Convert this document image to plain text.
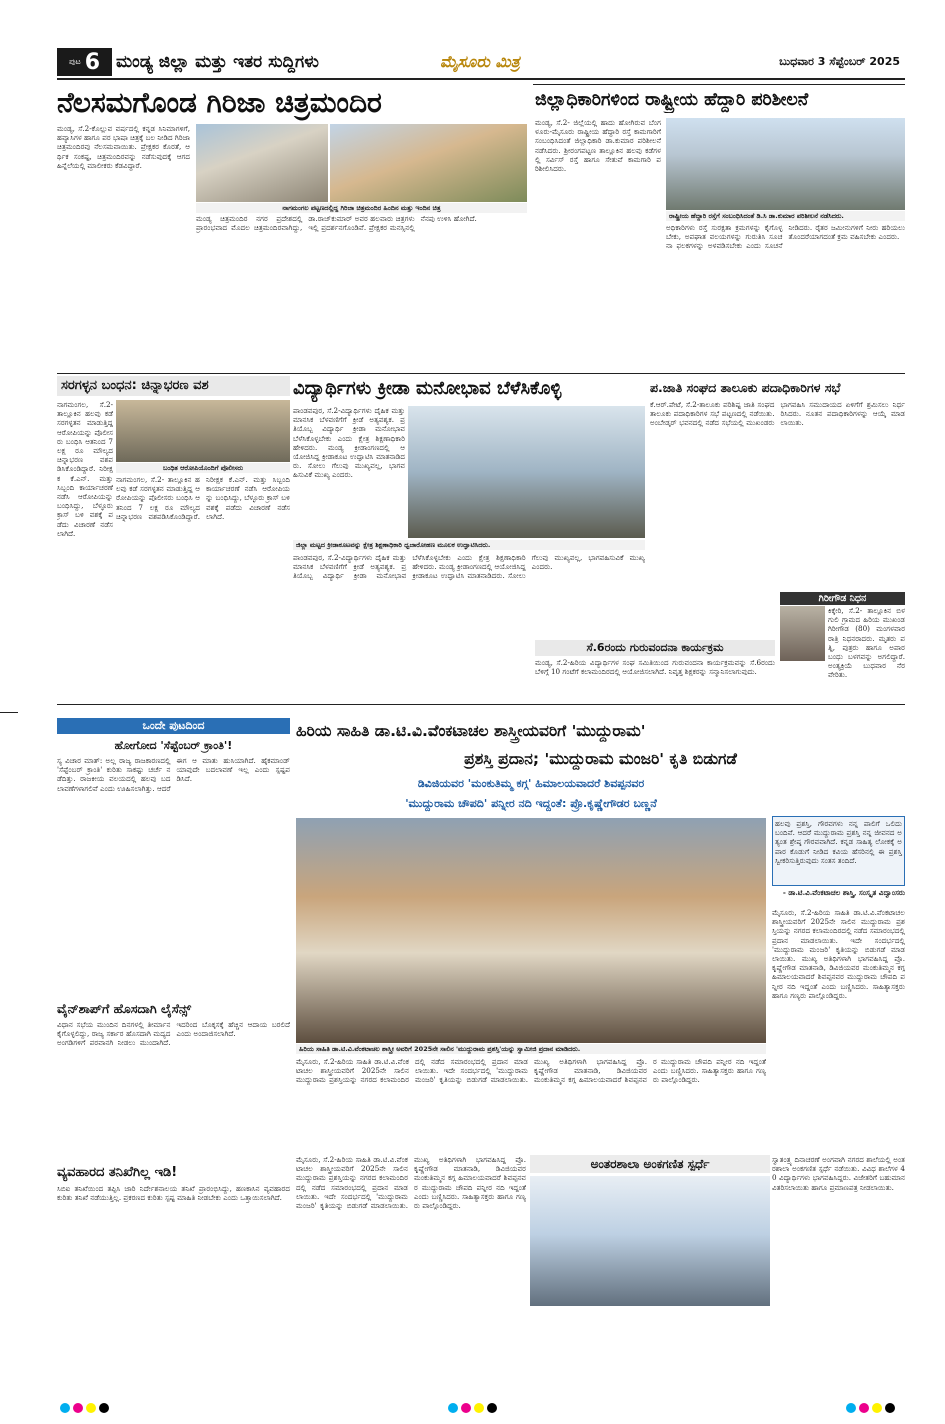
ಪುಟ 6 ಮಂಡ್ಯ ಜಿಲ್ಲಾ ಮತ್ತು ಇತರ ಸುದ್ದಿಗಳು	ಮೈಸೂರು ಮಿತ್ರ	ಬುಧವಾರ 3 ಸೆಪ್ಟೆಂಬರ್ 2025
ನೆಲಸಮಗೊಂಡ ಗಿರಿಜಾ ಚಿತ್ರಮಂದಿರ
ಮಂಡ್ಯ, ಸೆ.2-ಕೊಲ್ಲುವ ವರ್ಷದಲ್ಲಿ ಕನ್ನಡ ಸಿನಿಮಾಗಳಿಗೆ, ಹವ್ಯಾಸಿಗಳ ಹಾಗೂ ಪರ ಭಾಷಾ ಚಿತ್ರಕ್ಕೆ ಬಲ ನೀಡಿದ ಗಿರಿಜಾ ಚಿತ್ರಮಂದಿರವು ನೆಲಸಮವಾಯಿತು. ಪ್ರೇಕ್ಷಕರ ಕೊರತೆ, ಆರ್ಥಿಕ ಸಂಕಷ್ಟ, ಚಿತ್ರಮಂದಿರವನ್ನು ನಡೆಸುವುದಕ್ಕೆ ಆಗದ ಹಿನ್ನೆಲೆಯಲ್ಲಿ ಮಾಲೀಕರು ಕೆಡವಿದ್ದಾರೆ.
ನಾಗಮಂಗಲ ಪಟ್ಟಣದಲ್ಲಿದ್ದ ಗಿರಿಜಾ ಚಿತ್ರಮಂದಿರ ಹಿಂದಿನ ಮತ್ತು ಇಂದಿನ ಚಿತ್ರ
ಮಂಡ್ಯ ಚಿತ್ರಮಂದಿರ ನಗರ ಪ್ರದೇಶದಲ್ಲಿ ಪ್ರಾರಂಭವಾದ ಮೊದಲ ಚಿತ್ರಮಂದಿರವಾಗಿದ್ದು, ಡಾ.ರಾಜ್‌ಕುಮಾರ್ ಅವರ ಹಲವಾರು ಚಿತ್ರಗಳು ಇಲ್ಲಿ ಪ್ರದರ್ಶನಗೊಂಡಿವೆ. ಪ್ರೇಕ್ಷಕರ ಮನಸ್ಸಿನಲ್ಲಿ ನೆನಪು ಉಳಿಸಿ ಹೋಗಿದೆ.
ಜಿಲ್ಲಾಧಿಕಾರಿಗಳಿಂದ ರಾಷ್ಟ್ರೀಯ ಹೆದ್ದಾರಿ ಪರಿಶೀಲನೆ
ಮಂಡ್ಯ, ಸೆ.2- ಜಿಲ್ಲೆಯಲ್ಲಿ ಹಾದು ಹೋಗಿರುವ ಬೆಂಗಳೂರು-ಮೈಸೂರು ರಾಷ್ಟ್ರೀಯ ಹೆದ್ದಾರಿ ರಸ್ತೆ ಕಾಮಗಾರಿಗೆ ಸಂಬಂಧಿಸಿದಂತೆ ಜಿಲ್ಲಾಧಿಕಾರಿ ಡಾ.ಕುಮಾರ ಪರಿಶೀಲನೆ ನಡೆಸಿದರು. ಶ್ರೀರಂಗಪಟ್ಟಣ ತಾಲ್ಲೂಕಿನ ಹಲವು ಕಡೆಗಳಲ್ಲಿ ಸರ್ವಿಸ್ ರಸ್ತೆ ಹಾಗೂ ಸೇತುವೆ ಕಾಮಗಾರಿ ಪರಿಶೀಲಿಸಿದರು.
ರಾಷ್ಟ್ರೀಯ ಹೆದ್ದಾರಿ ರಸ್ತೆಗೆ ಸಂಬಂಧಿಸಿದಂತೆ ಡಿ.ಸಿ ಡಾ.ಕುಮಾರ ಪರಿಶೀಲನೆ ನಡೆಸಿದರು.
ಅಧಿಕಾರಿಗಳು ರಸ್ತೆ ಸುರಕ್ಷತಾ ಕ್ರಮಗಳನ್ನು ಕೈಗೊಳ್ಳಬೇಕು, ಅಪಘಾತ ವಲಯಗಳನ್ನು ಗುರುತಿಸಿ ಸೂಚನಾ ಫಲಕಗಳನ್ನು ಅಳವಡಿಸಬೇಕು ಎಂದು ಸೂಚನೆ ನೀಡಿದರು. ರೈತರ ಜಮೀನುಗಳಿಗೆ ನೀರು ಹರಿಯಲು ತೊಂದರೆಯಾಗದಂತೆ ಕ್ರಮ ವಹಿಸಬೇಕು ಎಂದರು.
ಸರಗಳ್ಳನ ಬಂಧನ: ಚಿನ್ನಾಭರಣ ವಶ
ನಾಗಮಂಗಲ, ಸೆ.2- ತಾಲ್ಲೂಕಿನ ಹಲವು ಕಡೆ ಸರಗಳ್ಳತನ ಮಾಡುತ್ತಿದ್ದ ಆರೋಪಿಯನ್ನು ಪೊಲೀಸರು ಬಂಧಿಸಿ ಆತನಿಂದ 7 ಲಕ್ಷ ರೂ ಮೌಲ್ಯದ ಚಿನ್ನಾಭರಣ ವಶಪಡಿಸಿಕೊಂಡಿದ್ದಾರೆ. ನಿರೀಕ್ಷಕ ಕೆ.ಎನ್. ಮತ್ತು ಸಿಬ್ಬಂದಿ ಕಾರ್ಯಾಚರಣೆ ನಡೆಸಿ ಆರೋಪಿಯನ್ನು ಬಂಧಿಸಿದ್ದು, ಬೆಳ್ಳೂರು ಕ್ರಾಸ್ ಬಳಿ ವಶಕ್ಕೆ ಪಡೆದು ವಿಚಾರಣೆ ನಡೆಸಲಾಗಿದೆ.
ಬಂಧಿತ ಆರೋಪಿಯೊಂದಿಗೆ ಪೊಲೀಸರು
ನಾಗಮಂಗಲ, ಸೆ.2- ತಾಲ್ಲೂಕಿನ ಹಲವು ಕಡೆ ಸರಗಳ್ಳತನ ಮಾಡುತ್ತಿದ್ದ ಆರೋಪಿಯನ್ನು ಪೊಲೀಸರು ಬಂಧಿಸಿ ಆತನಿಂದ 7 ಲಕ್ಷ ರೂ ಮೌಲ್ಯದ ಚಿನ್ನಾಭರಣ ವಶಪಡಿಸಿಕೊಂಡಿದ್ದಾರೆ. ನಿರೀಕ್ಷಕ ಕೆ.ಎನ್. ಮತ್ತು ಸಿಬ್ಬಂದಿ ಕಾರ್ಯಾಚರಣೆ ನಡೆಸಿ ಆರೋಪಿಯನ್ನು ಬಂಧಿಸಿದ್ದು, ಬೆಳ್ಳೂರು ಕ್ರಾಸ್ ಬಳಿ ವಶಕ್ಕೆ ಪಡೆದು ವಿಚಾರಣೆ ನಡೆಸಲಾಗಿದೆ.
ವಿದ್ಯಾರ್ಥಿಗಳು ಕ್ರೀಡಾ ಮನೋಭಾವ ಬೆಳೆಸಿಕೊಳ್ಳಿ
ಪಾಂಡವಪುರ, ಸೆ.2-ವಿದ್ಯಾರ್ಥಿಗಳು ದೈಹಿಕ ಮತ್ತು ಮಾನಸಿಕ ಬೆಳವಣಿಗೆಗೆ ಕ್ರೀಡೆ ಅತ್ಯವಶ್ಯಕ. ಪ್ರತಿಯೊಬ್ಬ ವಿದ್ಯಾರ್ಥಿ ಕ್ರೀಡಾ ಮನೋಭಾವ ಬೆಳೆಸಿಕೊಳ್ಳಬೇಕು ಎಂದು ಕ್ಷೇತ್ರ ಶಿಕ್ಷಣಾಧಿಕಾರಿ ಹೇಳಿದರು. ಮಂಡ್ಯ ಕ್ರೀಡಾಂಗಣದಲ್ಲಿ ಆಯೋಜಿಸಿದ್ದ ಕ್ರೀಡಾಕೂಟ ಉದ್ಘಾಟಿಸಿ ಮಾತನಾಡಿದರು. ಸೋಲು ಗೆಲುವು ಮುಖ್ಯವಲ್ಲ, ಭಾಗವಹಿಸುವಿಕೆ ಮುಖ್ಯ ಎಂದರು.
ಜಿಲ್ಲಾ ಮಟ್ಟದ ಕ್ರೀಡಾಕೂಟವನ್ನು ಕ್ಷೇತ್ರ ಶಿಕ್ಷಣಾಧಿಕಾರಿ ಧ್ವಜಾರೋಹಣ ಮೂಲಕ ಉದ್ಘಾಟಿಸಿದರು.
ಪಾಂಡವಪುರ, ಸೆ.2-ವಿದ್ಯಾರ್ಥಿಗಳು ದೈಹಿಕ ಮತ್ತು ಮಾನಸಿಕ ಬೆಳವಣಿಗೆಗೆ ಕ್ರೀಡೆ ಅತ್ಯವಶ್ಯಕ. ಪ್ರತಿಯೊಬ್ಬ ವಿದ್ಯಾರ್ಥಿ ಕ್ರೀಡಾ ಮನೋಭಾವ ಬೆಳೆಸಿಕೊಳ್ಳಬೇಕು ಎಂದು ಕ್ಷೇತ್ರ ಶಿಕ್ಷಣಾಧಿಕಾರಿ ಹೇಳಿದರು. ಮಂಡ್ಯ ಕ್ರೀಡಾಂಗಣದಲ್ಲಿ ಆಯೋಜಿಸಿದ್ದ ಕ್ರೀಡಾಕೂಟ ಉದ್ಘಾಟಿಸಿ ಮಾತನಾಡಿದರು. ಸೋಲು ಗೆಲುವು ಮುಖ್ಯವಲ್ಲ, ಭಾಗವಹಿಸುವಿಕೆ ಮುಖ್ಯ ಎಂದರು.
ಪ.ಜಾತಿ ಸಂಘದ ತಾಲೂಕು ಪದಾಧಿಕಾರಿಗಳ ಸಭೆ
ಕೆ.ಆರ್.ಪೇಟೆ, ಸೆ.2-ತಾಲೂಕು ಪರಿಶಿಷ್ಟ ಜಾತಿ ಸಂಘದ ತಾಲೂಕು ಪದಾಧಿಕಾರಿಗಳ ಸಭೆ ಪಟ್ಟಣದಲ್ಲಿ ನಡೆಯಿತು. ಅಂಬೇಡ್ಕರ್ ಭವನದಲ್ಲಿ ನಡೆದ ಸಭೆಯಲ್ಲಿ ಮುಖಂಡರು ಭಾಗವಹಿಸಿ ಸಮುದಾಯದ ಏಳಿಗೆಗೆ ಶ್ರಮಿಸಲು ನಿರ್ಧರಿಸಿದರು. ನೂತನ ಪದಾಧಿಕಾರಿಗಳನ್ನು ಆಯ್ಕೆ ಮಾಡಲಾಯಿತು.
ಗಿರೀಗೌಡ ನಿಧನ
ಕಿಕ್ಕೇರಿ, ಸೆ.2- ತಾಲ್ಲೂಕಿನ ಬಿಳಗುಲಿ ಗ್ರಾಮದ ಹಿರಿಯ ಮುಖಂಡ ಗಿರೀಗೌಡ (80) ಮಂಗಳವಾರ ರಾತ್ರಿ ನಿಧನರಾದರು. ಮೃತರು ಪತ್ನಿ, ಪುತ್ರರು ಹಾಗೂ ಅಪಾರ ಬಂಧು ಬಳಗವನ್ನು ಅಗಲಿದ್ದಾರೆ. ಅಂತ್ಯಕ್ರಿಯೆ ಬುಧವಾರ ನೆರವೇರಿತು.
ಸೆ.6ರಂದು ಗುರುವಂದನಾ ಕಾರ್ಯಕ್ರಮ
ಮಂಡ್ಯ, ಸೆ.2-ಹಿರಿಯ ವಿದ್ಯಾರ್ಥಿಗಳ ಸಂಘ ಸಮಿತಿಯಿಂದ ಗುರುವಂದನಾ ಕಾರ್ಯಕ್ರಮವನ್ನು ಸೆ.6ರಂದು ಬೆಳಿಗ್ಗೆ 10 ಗಂಟೆಗೆ ಕಲಾಮಂದಿರದಲ್ಲಿ ಆಯೋಜಿಸಲಾಗಿದೆ. ನಿವೃತ್ತ ಶಿಕ್ಷಕರನ್ನು ಸನ್ಮಾನಿಸಲಾಗುವುದು.
ಒಂದೇ ಪುಟದಿಂದ
ಹೋಗೋದ 'ಸೆಪ್ಟೆಂಬರ್ ಕ್ರಾಂತಿ'!
ಸ್ಯ ವಿಚಾರ ಮಾತ್: ಅಲ್ಲ ರಾಜ್ಯ ರಾಜಕಾರಣದಲ್ಲಿ 'ಸೆಪ್ಟೆಂಬರ್ ಕ್ರಾಂತಿ' ಕುರಿತು ಸಾಕಷ್ಟು ಚರ್ಚೆ ನಡೆದಿತ್ತು. ರಾಜಕೀಯ ವಲಯದಲ್ಲಿ ಹಲವು ಬದಲಾವಣೆಗಳಾಗಲಿವೆ ಎಂದು ಊಹಿಸಲಾಗಿತ್ತು. ಆದರೆ ಈಗ ಆ ಮಾತು ಹುಸಿಯಾಗಿದೆ. ಹೈಕಮಾಂಡ್ ಯಾವುದೇ ಬದಲಾವಣೆ ಇಲ್ಲ ಎಂದು ಸ್ಪಷ್ಟಪಡಿಸಿದೆ.
ವೈನ್‌ಶಾಪ್‌ಗೆ ಹೊಸದಾಗಿ ಲೈಸೆನ್ಸ್
ವಿಧಾನ ಸಭೆಯ ಮುಂದಿನ ದಿನಗಳಲ್ಲಿ ತೀರ್ಮಾನ ಕೈಗೊಳ್ಳಲಿದ್ದು, ರಾಜ್ಯ ಸರ್ಕಾರ ಹೊಸದಾಗಿ ಮದ್ಯದ ಅಂಗಡಿಗಳಿಗೆ ಪರವಾನಗಿ ನೀಡಲು ಮುಂದಾಗಿದೆ. ಇದರಿಂದ ಬೊಕ್ಕಸಕ್ಕೆ ಹೆಚ್ಚಿನ ಆದಾಯ ಬರಲಿದೆ ಎಂದು ಅಂದಾಜಿಸಲಾಗಿದೆ.
ವ್ಯವಹಾರದ ತನಿಖೆಗಿಲ್ಲ ಇಡಿ!
ಸಿಬಿಐ ತನಿಖೆಯಿಂದ ತಪ್ಪಿಸಿ ಜಾರಿ ನಿರ್ದೇಶನಾಲಯ ತನಿಖೆ ಪ್ರಾರಂಭಿಸಿದ್ದು, ಹಣಕಾಸಿನ ವ್ಯವಹಾರದ ಕುರಿತು ತನಿಖೆ ನಡೆಯುತ್ತಿಲ್ಲ. ಪ್ರಕರಣದ ಕುರಿತು ಸ್ಪಷ್ಟ ಮಾಹಿತಿ ನೀಡಬೇಕು ಎಂದು ಒತ್ತಾಯಿಸಲಾಗಿದೆ.
ಹಿರಿಯ ಸಾಹಿತಿ ಡಾ.ಟಿ.ವಿ.ವೆಂಕಟಾಚಲ ಶಾಸ್ತ್ರೀಯವರಿಗೆ 'ಮುದ್ದುರಾಮ'
ಪ್ರಶಸ್ತಿ ಪ್ರದಾನ; 'ಮುದ್ದುರಾಮ ಮಂಜರಿ' ಕೃತಿ ಬಿಡುಗಡೆ
ಡಿವಿಜಿಯವರ 'ಮಂಕುತಿಮ್ಮ ಕಗ್ಗ' ಹಿಮಾಲಯವಾದರೆ ಶಿವಪ್ಪನವರ
'ಮುದ್ದುರಾಮ ಚೌಪದಿ' ಪನ್ನೀರ ನದಿ ಇದ್ದಂತೆ: ಪ್ರೊ.ಕೃಷ್ಣೇಗೌಡರ ಬಣ್ಣನೆ
ಹಲವು ಪ್ರಶಸ್ತಿ, ಗೌರವಗಳು ನನ್ನ ಪಾಲಿಗೆ ಒಲಿದು ಬಂದಿವೆ. ಆದರೆ ಮುದ್ದುರಾಮ ಪ್ರಶಸ್ತಿ ನನ್ನ ಜೀವನದ ಅತ್ಯಂತ ಶ್ರೇಷ್ಠ ಗೌರವವಾಗಿದೆ. ಕನ್ನಡ ಸಾಹಿತ್ಯ ಲೋಕಕ್ಕೆ ಅಪಾರ ಕೊಡುಗೆ ನೀಡಿದ ಕವಿಯ ಹೆಸರಿನಲ್ಲಿ ಈ ಪ್ರಶಸ್ತಿ ಸ್ವೀಕರಿಸುತ್ತಿರುವುದು ಸಂತಸ ತಂದಿದೆ.
- ಡಾ.ಟಿ.ವಿ.ವೆಂಕಟಾಚಲ ಶಾಸ್ತ್ರಿ, ಸಂಸ್ಕೃತ ವಿದ್ವಾಂಸರು
ಹಿರಿಯ ಸಾಹಿತಿ ಡಾ.ಟಿ.ವಿ.ವೆಂಕಟಾಚಲ ಶಾಸ್ತ್ರೀ ಅವರಿಗೆ 2025ನೇ ಸಾಲಿನ 'ಮುದ್ದುರಾಮ ಪ್ರಶಸ್ತಿ'ಯನ್ನು ಸ್ವಾಮೀಜಿ ಪ್ರದಾನ ಮಾಡಿದರು.
ಮೈಸೂರು, ಸೆ.2-ಹಿರಿಯ ಸಾಹಿತಿ ಡಾ.ಟಿ.ವಿ.ವೆಂಕಟಾಚಲ ಶಾಸ್ತ್ರೀಯವರಿಗೆ 2025ನೇ ಸಾಲಿನ ಮುದ್ದುರಾಮ ಪ್ರಶಸ್ತಿಯನ್ನು ನಗರದ ಕಲಾಮಂದಿರದಲ್ಲಿ ನಡೆದ ಸಮಾರಂಭದಲ್ಲಿ ಪ್ರದಾನ ಮಾಡಲಾಯಿತು. ಇದೇ ಸಂದರ್ಭದಲ್ಲಿ 'ಮುದ್ದುರಾಮ ಮಂಜರಿ' ಕೃತಿಯನ್ನು ಬಿಡುಗಡೆ ಮಾಡಲಾಯಿತು. ಮುಖ್ಯ ಅತಿಥಿಗಳಾಗಿ ಭಾಗವಹಿಸಿದ್ದ ಪ್ರೊ.ಕೃಷ್ಣೇಗೌಡ ಮಾತನಾಡಿ, ಡಿವಿಜಿಯವರ ಮಂಕುತಿಮ್ಮನ ಕಗ್ಗ ಹಿಮಾಲಯವಾದರೆ ಶಿವಪ್ಪನವರ ಮುದ್ದುರಾಮ ಚೌಪದಿ ಪನ್ನೀರ ನದಿ ಇದ್ದಂತೆ ಎಂದು ಬಣ್ಣಿಸಿದರು. ಸಾಹಿತ್ಯಾಸಕ್ತರು ಹಾಗೂ ಗಣ್ಯರು ಪಾಲ್ಗೊಂಡಿದ್ದರು.
ಮೈಸೂರು, ಸೆ.2-ಹಿರಿಯ ಸಾಹಿತಿ ಡಾ.ಟಿ.ವಿ.ವೆಂಕಟಾಚಲ ಶಾಸ್ತ್ರೀಯವರಿಗೆ 2025ನೇ ಸಾಲಿನ ಮುದ್ದುರಾಮ ಪ್ರಶಸ್ತಿಯನ್ನು ನಗರದ ಕಲಾಮಂದಿರದಲ್ಲಿ ನಡೆದ ಸಮಾರಂಭದಲ್ಲಿ ಪ್ರದಾನ ಮಾಡಲಾಯಿತು. ಇದೇ ಸಂದರ್ಭದಲ್ಲಿ 'ಮುದ್ದುರಾಮ ಮಂಜರಿ' ಕೃತಿಯನ್ನು ಬಿಡುಗಡೆ ಮಾಡಲಾಯಿತು. ಮುಖ್ಯ ಅತಿಥಿಗಳಾಗಿ ಭಾಗವಹಿಸಿದ್ದ ಪ್ರೊ.ಕೃಷ್ಣೇಗೌಡ ಮಾತನಾಡಿ, ಡಿವಿಜಿಯವರ ಮಂಕುತಿಮ್ಮನ ಕಗ್ಗ ಹಿಮಾಲಯವಾದರೆ ಶಿವಪ್ಪನವರ ಮುದ್ದುರಾಮ ಚೌಪದಿ ಪನ್ನೀರ ನದಿ ಇದ್ದಂತೆ ಎಂದು ಬಣ್ಣಿಸಿದರು. ಸಾಹಿತ್ಯಾಸಕ್ತರು ಹಾಗೂ ಗಣ್ಯರು ಪಾಲ್ಗೊಂಡಿದ್ದರು.
ಮೈಸೂರು, ಸೆ.2-ಹಿರಿಯ ಸಾಹಿತಿ ಡಾ.ಟಿ.ವಿ.ವೆಂಕಟಾಚಲ ಶಾಸ್ತ್ರೀಯವರಿಗೆ 2025ನೇ ಸಾಲಿನ ಮುದ್ದುರಾಮ ಪ್ರಶಸ್ತಿಯನ್ನು ನಗರದ ಕಲಾಮಂದಿರದಲ್ಲಿ ನಡೆದ ಸಮಾರಂಭದಲ್ಲಿ ಪ್ರದಾನ ಮಾಡಲಾಯಿತು. ಇದೇ ಸಂದರ್ಭದಲ್ಲಿ 'ಮುದ್ದುರಾಮ ಮಂಜರಿ' ಕೃತಿಯನ್ನು ಬಿಡುಗಡೆ ಮಾಡಲಾಯಿತು. ಮುಖ್ಯ ಅತಿಥಿಗಳಾಗಿ ಭಾಗವಹಿಸಿದ್ದ ಪ್ರೊ.ಕೃಷ್ಣೇಗೌಡ ಮಾತನಾಡಿ, ಡಿವಿಜಿಯವರ ಮಂಕುತಿಮ್ಮನ ಕಗ್ಗ ಹಿಮಾಲಯವಾದರೆ ಶಿವಪ್ಪನವರ ಮುದ್ದುರಾಮ ಚೌಪದಿ ಪನ್ನೀರ ನದಿ ಇದ್ದಂತೆ ಎಂದು ಬಣ್ಣಿಸಿದರು. ಸಾಹಿತ್ಯಾಸಕ್ತರು ಹಾಗೂ ಗಣ್ಯರು ಪಾಲ್ಗೊಂಡಿದ್ದರು.
ಅಂತರಶಾಲಾ ಅಂಕಗಣಿತ ಸ್ಪರ್ಧೆ	ಸ್ವಾತಂತ್ರ್ಯ ದಿನಾಚರಣೆ ಅಂಗವಾಗಿ ನಗರದ ಶಾಲೆಯಲ್ಲಿ ಅಂತರಶಾಲಾ ಅಂಕಗಣಿತ ಸ್ಪರ್ಧೆ ನಡೆಯಿತು. ವಿವಿಧ ಶಾಲೆಗಳ 40 ವಿದ್ಯಾರ್ಥಿಗಳು ಭಾಗವಹಿಸಿದ್ದರು. ವಿಜೇತರಿಗೆ ಬಹುಮಾನ ವಿತರಿಸಲಾಯಿತು ಹಾಗೂ ಪ್ರಮಾಣಪತ್ರ ನೀಡಲಾಯಿತು.
